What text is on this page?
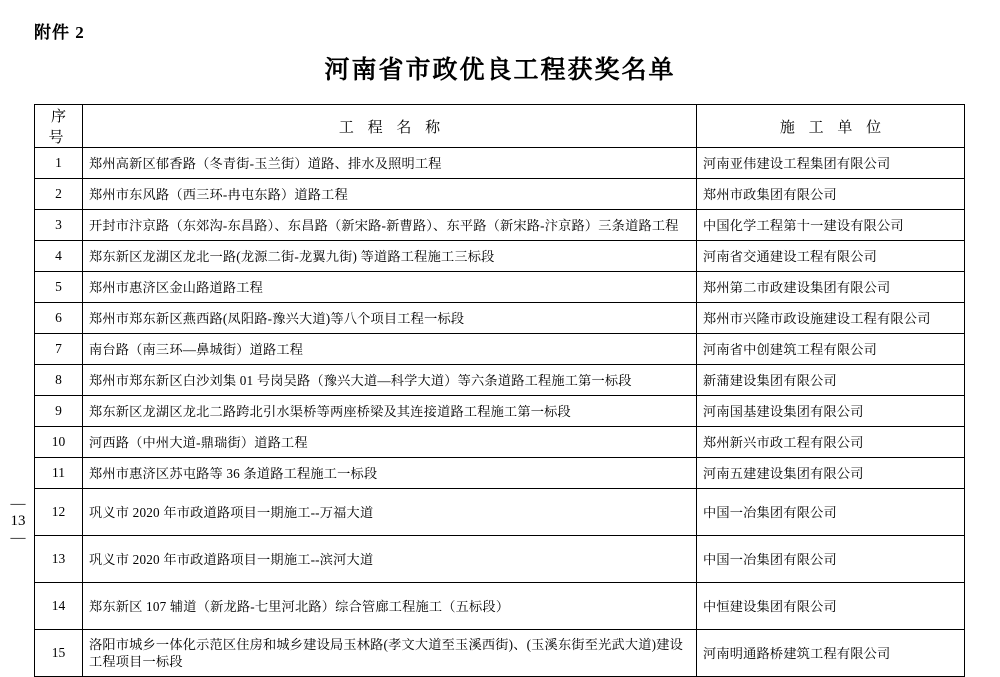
附件 2
河南省市政优良工程获奖名单
— 13 —
序 号	工 程 名 称	施 工 单 位
1	郑州高新区郁香路（冬青街-玉兰街）道路、排水及照明工程	河南亚伟建设工程集团有限公司
2	郑州市东风路（西三环-冉屯东路）道路工程	郑州市政集团有限公司
3	开封市汴京路（东郊沟-东昌路）、东昌路（新宋路-新曹路）、东平路（新宋路-汴京路）三条道路工程	中国化学工程第十一建设有限公司
4	郑东新区龙湖区龙北一路(龙源二街-龙翼九街) 等道路工程施工三标段	河南省交通建设工程有限公司
5	郑州市惠济区金山路道路工程	郑州第二市政建设集团有限公司
6	郑州市郑东新区燕西路(凤阳路-豫兴大道)等八个项目工程一标段	郑州市兴隆市政设施建设工程有限公司
7	南台路（南三环—鼻城街）道路工程	河南省中创建筑工程有限公司
8	郑州市郑东新区白沙刘集 01 号岗吴路（豫兴大道—科学大道）等六条道路工程施工第一标段	新蒲建设集团有限公司
9	郑东新区龙湖区龙北二路跨北引水渠桥等两座桥梁及其连接道路工程施工第一标段	河南国基建设集团有限公司
10	河西路（中州大道-鼎瑞街）道路工程	郑州新兴市政工程有限公司
11	郑州市惠济区苏屯路等 36 条道路工程施工一标段	河南五建建设集团有限公司
12	巩义市 2020 年市政道路项目一期施工--万福大道	中国一冶集团有限公司
13	巩义市 2020 年市政道路项目一期施工--滨河大道	中国一冶集团有限公司
14	郑东新区 107 辅道（新龙路-七里河北路）综合管廊工程施工（五标段）	中恒建设集团有限公司
15	洛阳市城乡一体化示范区住房和城乡建设局玉林路(孝文大道至玉溪西街)、(玉溪东街至光武大道)建设工程项目一标段	河南明通路桥建筑工程有限公司
